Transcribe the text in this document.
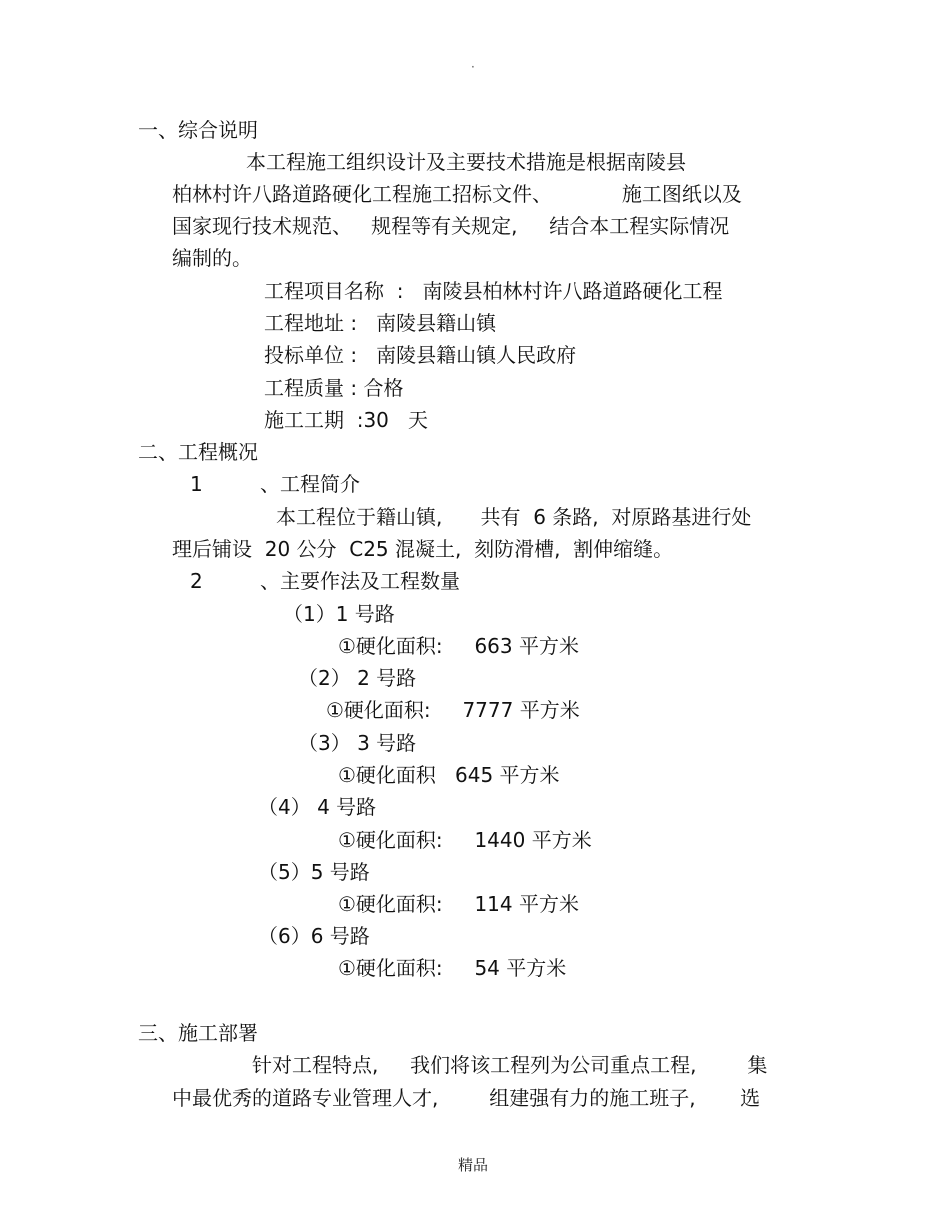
·
一、综合说明
本工程施工组织设计及主要技术措施是根据南陵县
柏林村许八路道路硬化工程施工招标文件、           施工图纸以及
国家现行技术规范、   规程等有关规定,     结合本工程实际情况
编制的。
工程项目名称  :   南陵县柏林村许八路道路硬化工程
工程地址 :   南陵县籍山镇
投标单位 :   南陵县籍山镇人民政府
工程质量 : 合格
施工工期  :30   天
二、工程概况
1         、工程简介
本工程位于籍山镇,      共有  6 条路,  对原路基进行处
理后铺设  20 公分  C25 混凝土,  刻防滑槽,  割伸缩缝。
2         、主要作法及工程数量
（1）1 号路
①硬化面积:     663 平方米
（2） 2 号路
①硬化面积:     7777 平方米
（3） 3 号路
①硬化面积   645 平方米
（4） 4 号路
①硬化面积:     1440 平方米
（5）5 号路
①硬化面积:     114 平方米
（6）6 号路
①硬化面积:     54 平方米
三、施工部署
针对工程特点,     我们将该工程列为公司重点工程,        集
中最优秀的道路专业管理人才,        组建强有力的施工班子,       选
精品
